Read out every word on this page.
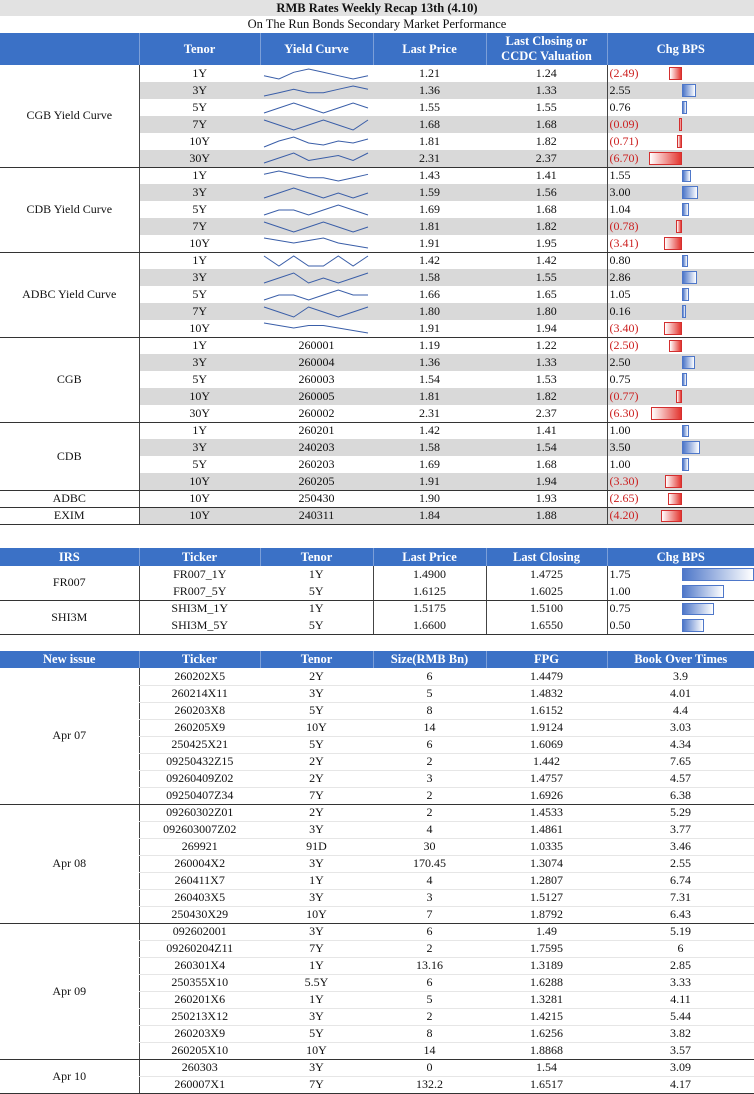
RMB Rates Weekly Recap 13th (4.10)
On The Run Bonds Secondary Market Performance
	Tenor	Yield Curve	Last Price	Last Closing or
CCDC Valuation	Chg BPS	
CGB Yield Curve	1Y		1.21	1.24	(2.49)	

	3Y		1.36	1.33	2.55	

	5Y		1.55	1.55	0.76	

	7Y		1.68	1.68	(0.09)	

	10Y		1.81	1.82	(0.71)	

	30Y		2.31	2.37	(6.70)	

CDB Yield Curve	1Y		1.43	1.41	1.55	

	3Y		1.59	1.56	3.00	

	5Y		1.69	1.68	1.04	

	7Y		1.81	1.82	(0.78)	

	10Y		1.91	1.95	(3.41)	

ADBC Yield Curve	1Y		1.42	1.42	0.80	

	3Y		1.58	1.55	2.86	

	5Y		1.66	1.65	1.05	

	7Y		1.80	1.80	0.16	

	10Y		1.91	1.94	(3.40)	

CGB	1Y	260001	1.19	1.22	(2.50)	

	3Y	260004	1.36	1.33	2.50	

	5Y	260003	1.54	1.53	0.75	

	10Y	260005	1.81	1.82	(0.77)	

	30Y	260002	2.31	2.37	(6.30)	

CDB	1Y	260201	1.42	1.41	1.00	

	3Y	240203	1.58	1.54	3.50	

	5Y	260203	1.69	1.68	1.00	

	10Y	260205	1.91	1.94	(3.30)	

ADBC	10Y	250430	1.90	1.93	(2.65)	

EXIM	10Y	240311	1.84	1.88	(4.20)	
IRS	Ticker	Tenor	Last Price	Last Closing	Chg BPS
FR007	FR007_1Y	1Y	1.4900	1.4725	1.75

	FR007_5Y	5Y	1.6125	1.6025	1.00

SHI3M	SHI3M_1Y	1Y	1.5175	1.5100	0.75

	SHI3M_5Y	5Y	1.6600	1.6550	0.50
New issue	Ticker	Tenor	Size(RMB Bn)	FPG	Book Over Times
Apr 07	260202X5	2Y	6	1.4479	3.9
	260214X11	3Y	5	1.4832	4.01
	260203X8	5Y	8	1.6152	4.4
	260205X9	10Y	14	1.9124	3.03
	250425X21	5Y	6	1.6069	4.34
	09250432Z15	2Y	2	1.442	7.65
	09260409Z02	2Y	3	1.4757	4.57
	09250407Z34	7Y	2	1.6926	6.38
Apr 08	09260302Z01	2Y	2	1.4533	5.29
	092603007Z02	3Y	4	1.4861	3.77
	269921	91D	30	1.0335	3.46
	260004X2	3Y	170.45	1.3074	2.55
	260411X7	1Y	4	1.2807	6.74
	260403X5	3Y	3	1.5127	7.31
	250430X29	10Y	7	1.8792	6.43
Apr 09	092602001	3Y	6	1.49	5.19
	09260204Z11	7Y	2	1.7595	6
	260301X4	1Y	13.16	1.3189	2.85
	250355X10	5.5Y	6	1.6288	3.33
	260201X6	1Y	5	1.3281	4.11
	250213X12	3Y	2	1.4215	5.44
	260203X9	5Y	8	1.6256	3.82
	260205X10	10Y	14	1.8868	3.57
Apr 10	260303	3Y	0	1.54	3.09
	260007X1	7Y	132.2	1.6517	4.17
